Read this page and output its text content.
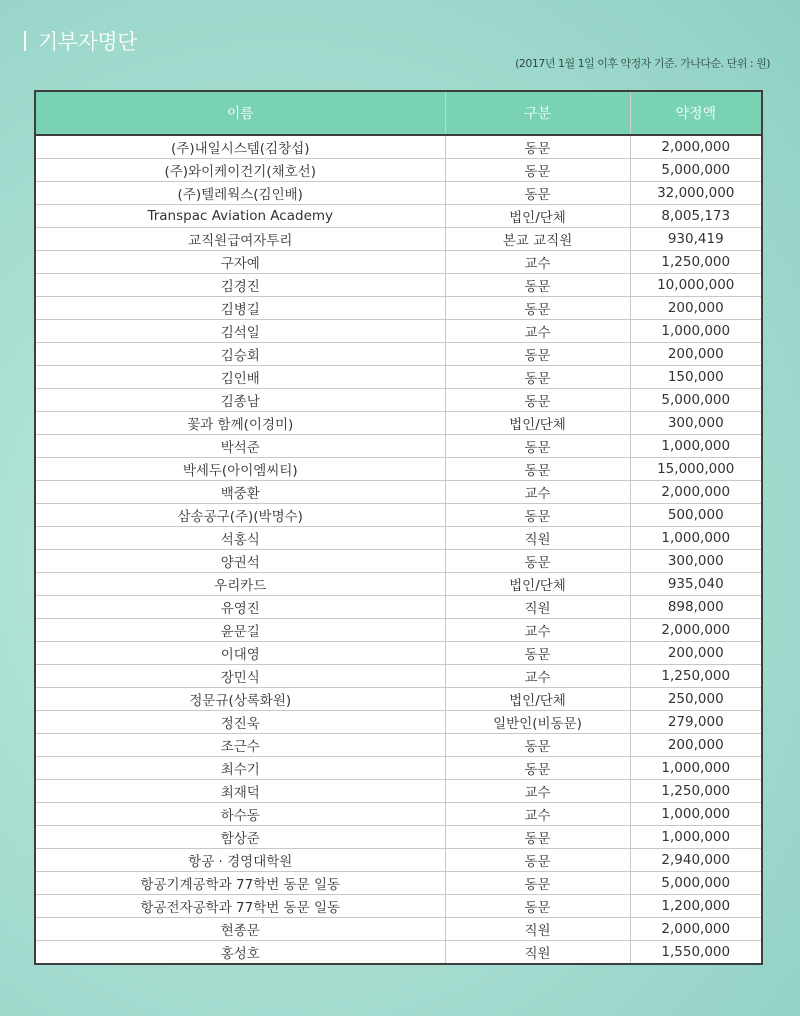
기부자명단
(2017년 1월 1일 이후 약정자 기준. 가나다순. 단위 : 원)
이름	구분	약정액
(주)내일시스템(김창섭)	동문	2,000,000
(주)와이케이건기(채호선)	동문	5,000,000
(주)텔레웍스(김인배)	동문	32,000,000
Transpac Aviation Academy	법인/단체	8,005,173
교직원급여자투리	본교 교직원	930,419
구자예	교수	1,250,000
김경진	동문	10,000,000
김병길	동문	200,000
김석일	교수	1,000,000
김승회	동문	200,000
김인배	동문	150,000
김종남	동문	5,000,000
꽃과 함께(이경미)	법인/단체	300,000
박석준	동문	1,000,000
박세두(아이엠씨티)	동문	15,000,000
백중환	교수	2,000,000
삼송공구(주)(박명수)	동문	500,000
석홍식	직원	1,000,000
양권석	동문	300,000
우리카드	법인/단체	935,040
유영진	직원	898,000
윤문길	교수	2,000,000
이대영	동문	200,000
장민식	교수	1,250,000
정문규(상록화원)	법인/단체	250,000
정진욱	일반인(비동문)	279,000
조근수	동문	200,000
최수기	동문	1,000,000
최재덕	교수	1,250,000
하수동	교수	1,000,000
함상준	동문	1,000,000
항공 · 경영대학원	동문	2,940,000
항공기계공학과 77학번 동문 일동	동문	5,000,000
항공전자공학과 77학번 동문 일동	동문	1,200,000
현종문	직원	2,000,000
홍성호	직원	1,550,000
